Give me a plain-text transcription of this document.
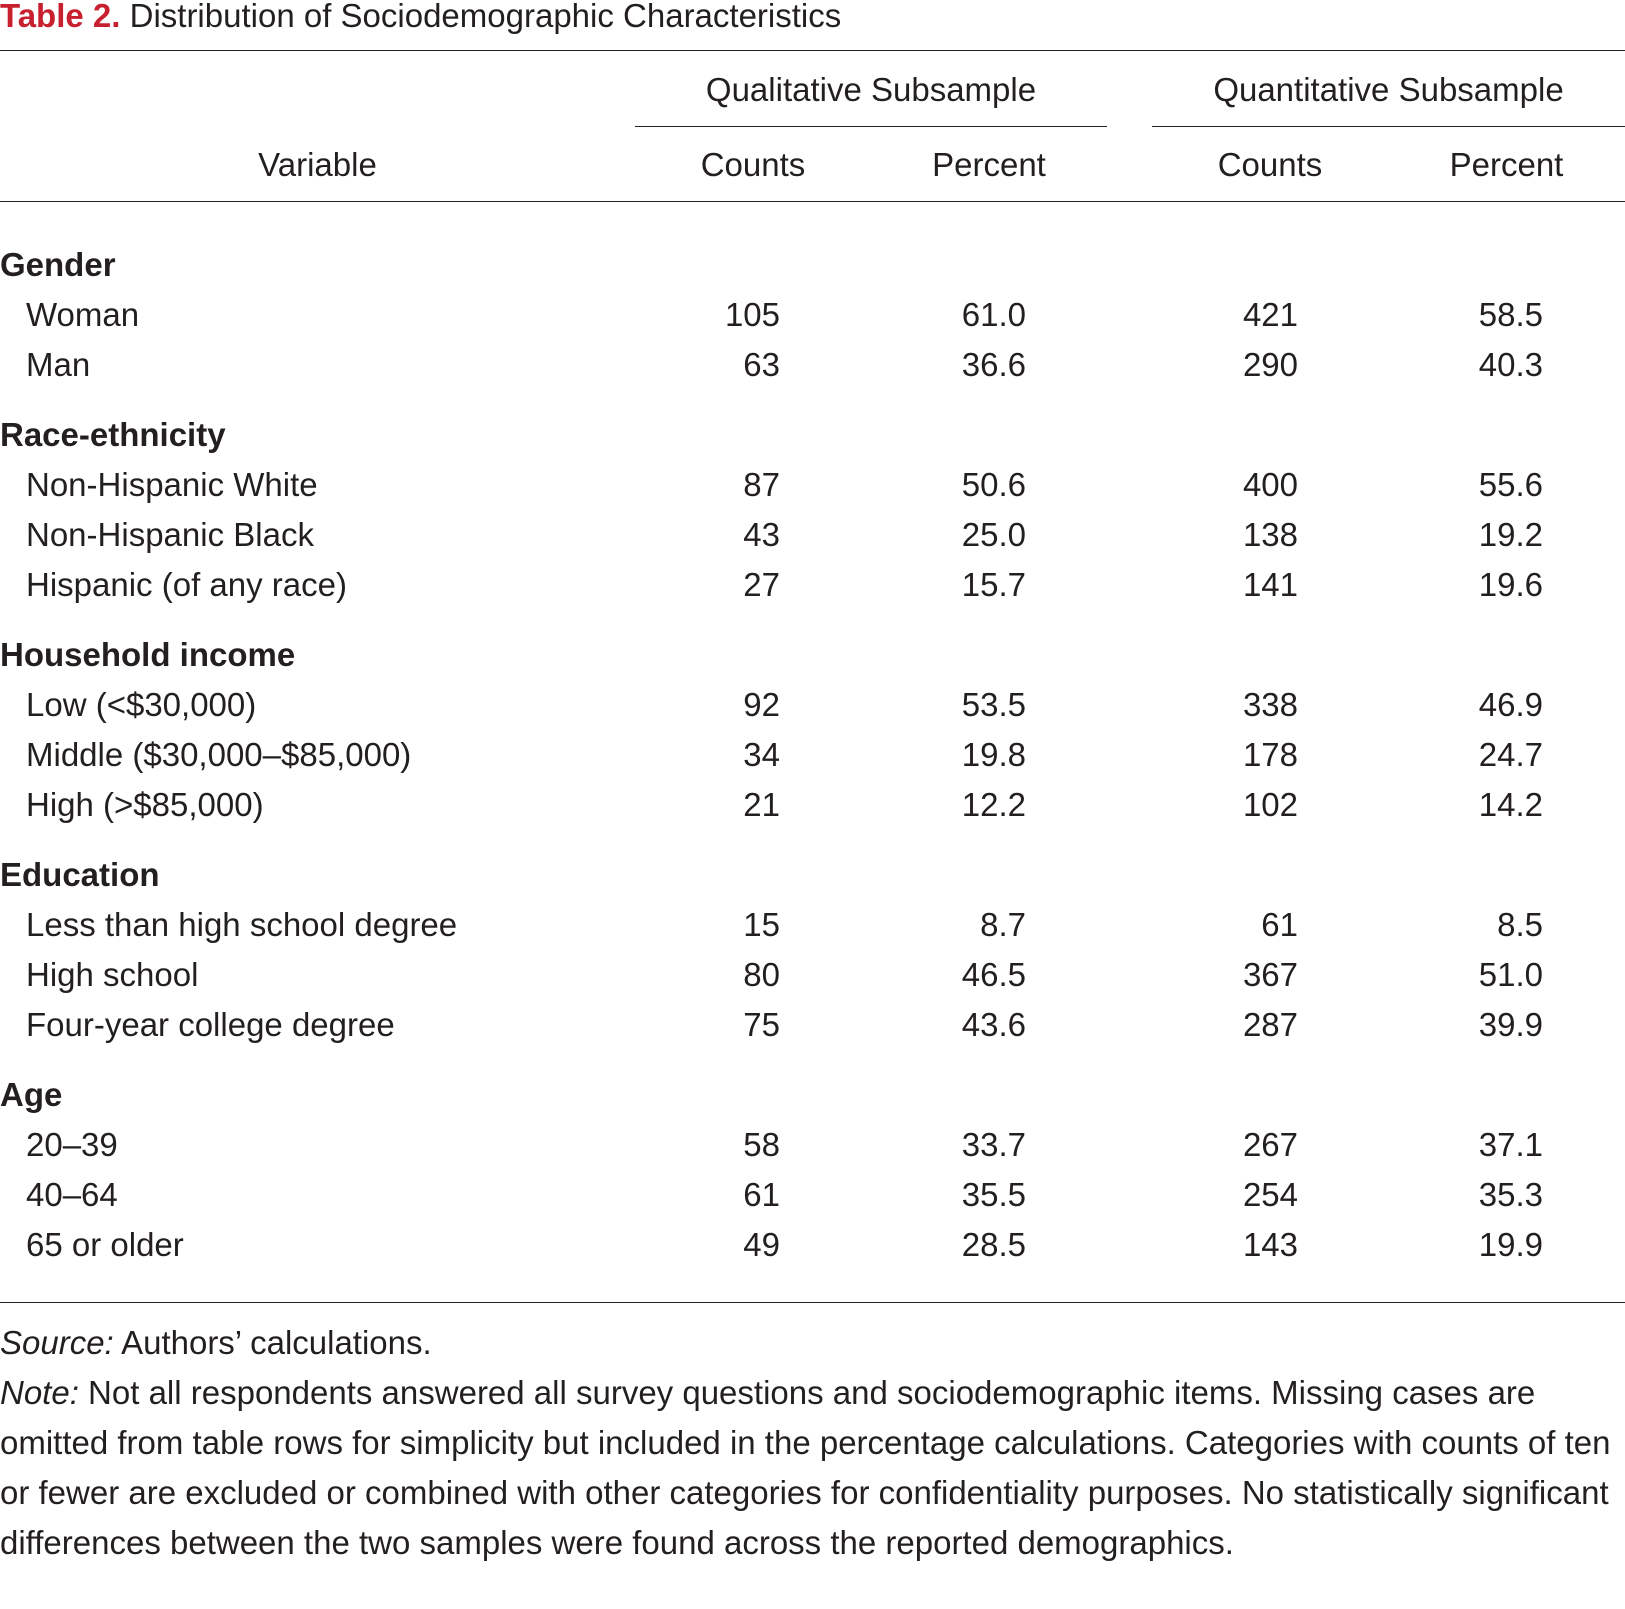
Table 2. Distribution of Sociodemographic Characteristics
Qualitative Subsample	Quantitative Subsample
Variable	Counts	Percent	Counts	Percent
Gender					
Woman	105	61.0	421	58.5	
Man	63	36.6	290	40.3	

Race-ethnicity					
Non-Hispanic White	87	50.6	400	55.6	
Non-Hispanic Black	43	25.0	138	19.2	
Hispanic (of any race)	27	15.7	141	19.6	

Household income					
Low (<$30,000)	92	53.5	338	46.9	
Middle ($30,000–$85,000)	34	19.8	178	24.7	
High (>$85,000)	21	12.2	102	14.2	

Education					
Less than high school degree	15	8.7	61	8.5	
High school	80	46.5	367	51.0	
Four-year college degree	75	43.6	287	39.9	

Age					
20–39	58	33.7	267	37.1	
40–64	61	35.5	254	35.3	
65 or older	49	28.5	143	19.9	

Source: Authors’ calculations.

Note: Not all respondents answered all survey questions and sociodemographic items. Missing cases are omitted from table rows for simplicity but included in the percentage calculations. Categories with counts of ten or fewer are excluded or combined with other categories for confidentiality purposes. No statistically significant differences between the two samples were found across the reported demographics.
